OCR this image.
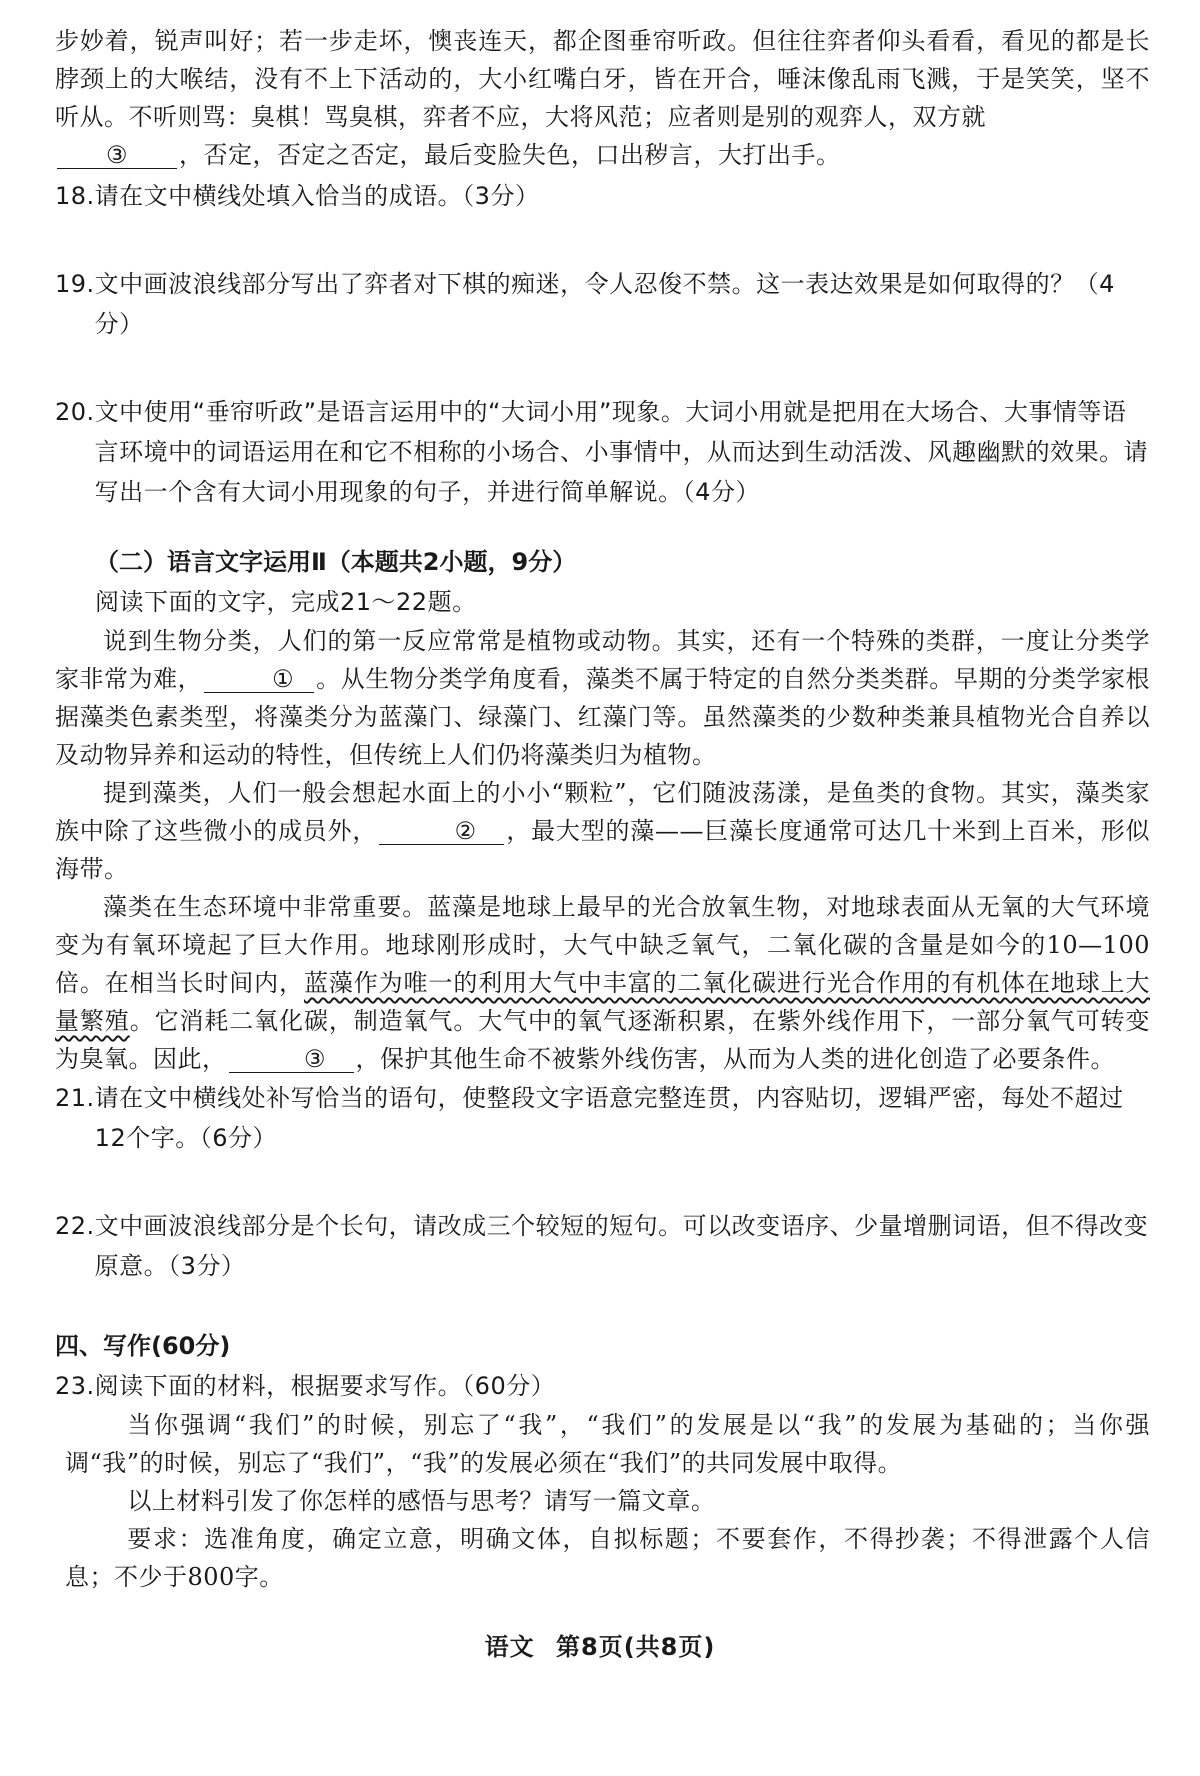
步妙着，锐声叫好；若一步走坏，懊丧连天，都企图垂帘听政。但往往弈者仰头看看，看见的都是长脖颈上的大喉结，没有不上下活动的，大小红嘴白牙，皆在开合，唾沫像乱雨飞溅，于是笑笑，坚不听从。不听则骂：臭棋！骂臭棋，弈者不应，大将风范；应者则是别的观弈人，双方就
③ ，否定，否定之否定，最后变脸失色，口出秽言，大打出手。

18. 请在文中横线处填入恰当的成语。（3分）
19. 文中画波浪线部分写出了弈者对下棋的痴迷，令人忍俊不禁。这一表达效果是如何取得的？（4分）
20. 文中使用“垂帘听政”是语言运用中的“大词小用”现象。大词小用就是把用在大场合、大事情等语言环境中的词语运用在和它不相称的小场合、小事情中，从而达到生动活泼、风趣幽默的效果。请写出一个含有大词小用现象的句子，并进行简单解说。（4分）
（二）语言文字运用Ⅱ（本题共2小题，9分）
阅读下面的文字，完成21～22题。

说到生物分类，人们的第一反应常常是植物或动物。其实，还有一个特殊的类群，一度让分类学家非常为难，	① 。从生物分类学角度看，藻类不属于特定的自然分类类群。早期的分类学家根据藻类色素类型，将藻类分为蓝藻门、绿藻门、红藻门等。虽然藻类的少数种类兼具植物光合自养以及动物异养和运动的特性，但传统上人们仍将藻类归为植物。

提到藻类，人们一般会想起水面上的小小“颗粒”，它们随波荡漾，是鱼类的食物。其实，藻类家族中除了这些微小的成员外，	② ，最大型的藻——巨藻长度通常可达几十米到上百米，形似海带。

藻类在生态环境中非常重要。蓝藻是地球上最早的光合放氧生物，对地球表面从无氧的大气环境变为有氧环境起了巨大作用。地球刚形成时，大气中缺乏氧气，二氧化碳的含量是如今的10—100倍。在相当长时间内，蓝藻作为唯一的利用大气中丰富的二氧化碳进行光合作用的有机体在地球上大量繁殖。它消耗二氧化碳，制造氧气。大气中的氧气逐渐积累，在紫外线作用下，一部分氧气可转变为臭氧。因此，	③ ，保护其他生命不被紫外线伤害，从而为人类的进化创造了必要条件。

21. 请在文中横线处补写恰当的语句，使整段文字语意完整连贯，内容贴切，逻辑严密，每处不超过12个字。（6分）
22. 文中画波浪线部分是个长句，请改成三个较短的短句。可以改变语序、少量增删词语，但不得改变原意。（3分）
四、写作(60分)
23. 阅读下面的材料，根据要求写作。（60分）

当你强调“我们”的时候，别忘了“我”，“我们”的发展是以“我”的发展为基础的；当你强调“我”的时候，别忘了“我们”，“我”的发展必须在“我们”的共同发展中取得。

以上材料引发了你怎样的感悟与思考？请写一篇文章。

要求：选准角度，确定立意，明确文体，自拟标题；不要套作，不得抄袭；不得泄露个人信息；不少于800字。

语文 第8页(共8页)
